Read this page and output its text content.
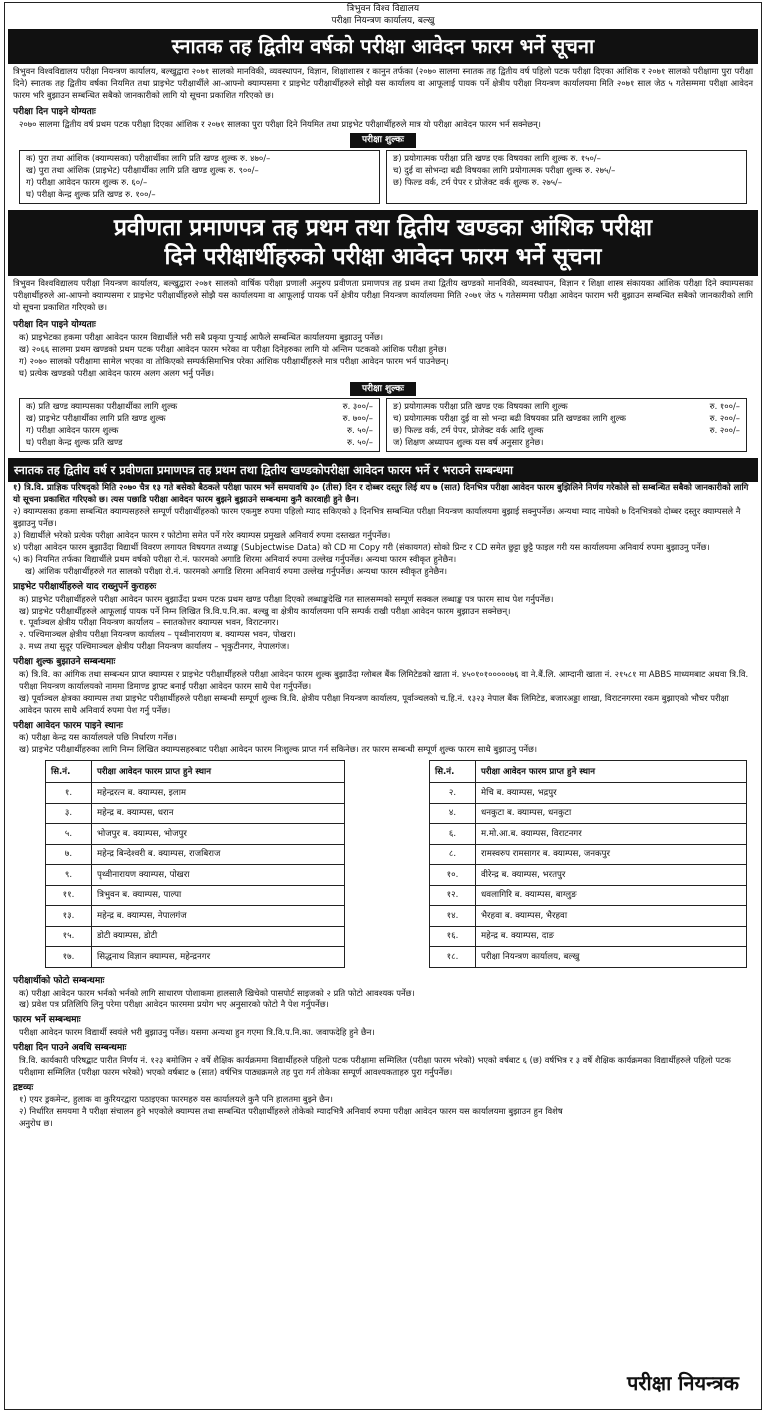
त्रिभुवन विश्व विद्यालय
परीक्षा नियन्त्रण कार्यालय, बल्खु
स्नातक तह द्वितीय वर्षको परीक्षा आवेदन फारम भर्ने सूचना
त्रिभुवन विश्वविद्यालय परीक्षा नियन्त्रण कार्यालय, बल्खुद्वारा २०७१ सालको मानविकी, व्यवस्थापन, विज्ञान, शिक्षाशास्त्र र कानुन तर्फका (२०७० सालमा स्नातक तह द्वितीय वर्ष पहिलो पटक परीक्षा दिएका आंशिक र २०७१ सालको परीक्षामा पुरा परीक्षा दिने) स्नातक तह द्वितीय वर्षका नियमित तथा प्राइभेट परीक्षार्थीले आ-आफ्नो क्याम्पसमा र प्राइभेट परीक्षार्थीहरुले सोझै यस कार्यालय वा आफूलाई पायक पर्ने क्षेत्रीय परीक्षा नियन्त्रण कार्यालयमा मिति २०७१ साल जेठ ५ गतेसम्ममा परीक्षा आवेदन फारम भरि बुझाउन सम्बन्धित सबैको जानकारीको लागि यो सूचना प्रकाशित गरिएको छ।
परीक्षा दिन पाइने योग्यताः
२०७० सालमा द्वितीय वर्ष प्रथम पटक परीक्षा दिएका आंशिक र २०७१ सालका पुरा परीक्षा दिने नियमित तथा प्राइभेट परीक्षार्थीहरुले मात्र यो परीक्षा आवेदन फारम भर्न सक्नेछन्।
परीक्षा शुल्कः
क) पुरा तथा आंशिक (क्याम्पसका) परीक्षार्थीका लागि प्रति खण्ड शुल्क रु. ४७०/–
ख) पुरा तथा आंशिक (प्राइभेट) परीक्षार्थीका लागि प्रति खण्ड शुल्क रु. ९००/–
ग) परीक्षा आवेदन फारम शुल्क रु. ६०/–
घ) परीक्षा केन्द्र शुल्क प्रति खण्ड रु. १००/–
ङ) प्रयोगात्मक परीक्षा प्रति खण्ड एक विषयका लागि शुल्क रु. १५०/–
च) दुई वा सोभन्दा बढी विषयका लागि प्रयोगात्मक परीक्षा शुल्क रु. २७५/–
छ) फिल्ड वर्क, टर्म पेपर र प्रोजेक्ट वर्क शुल्क रु. २७५/–
प्रवीणता प्रमाणपत्र तह प्रथम तथा द्वितीय खण्डका आंशिक परीक्षा
दिने परीक्षार्थीहरुको परीक्षा आवेदन फारम भर्ने सूचना
त्रिभुवन विश्वविद्यालय परीक्षा नियन्त्रण कार्यालय, बल्खुद्वारा २०७१ सालको वार्षिक परीक्षा प्रणाली अनुरुप प्रवीणता प्रमाणपत्र तह प्रथम तथा द्वितीय खण्डको मानविकी, व्यवस्थापन, विज्ञान र शिक्षा शास्त्र संकायका आंशिक परीक्षा दिने क्याम्पसका परीक्षार्थीहरुले आ-आफ्नो क्याम्पसमा र प्राइभेट परीक्षार्थीहरुले सोझै यस कार्यालयमा वा आफूलाई पायक पर्ने क्षेत्रीय परीक्षा नियन्त्रण कार्यालयमा मिति २०७१ जेठ ५ गतेसम्ममा परीक्षा आवेदन फाराम भरी बुझाउन सम्बन्धित सबैको जानकारीको लागि यो सूचना प्रकाशित गरिएको छ।
परीक्षा दिन पाइने योग्यताः
क) प्राइभेटका हकमा परीक्षा आवेदन फारम विद्यार्थीले भरी सबै प्रकृया पुर्‍याई आफैले सम्बन्धित कार्यालयमा बुझाउनु पर्नेछ।
ख) २०६६ सालमा प्रथम खण्डको प्रथम पटक परीक्षा आवेदन फारम भरेका वा परीक्षा दिनेहरुका लागि यो अन्तिम पटकको आंशिक परीक्षा हुनेछ।
ग) २०७० सालको परीक्षामा सामेल भएका वा तोकिएको सम्पर्कसिमाभित्र परेका आंशिक परीक्षार्थीहरुले मात्र परीक्षा आवेदन फारम भर्न पाउनेछन्।
घ) प्रत्येक खण्डको परीक्षा आवेदन फारम अलग अलग भर्नु पर्नेछ।
परीक्षा शुल्कः
क) प्रति खण्ड क्याम्पसका परीक्षार्थीका लागि शुल्क	रु. ३००/–
ख) प्राइभेट परीक्षार्थीका लागि प्रति खण्ड शुल्क	रु. ७००/–
ग) परीक्षा आवेदन फारम शुल्क	रु. ५०/–
घ) परीक्षा केन्द्र शुल्क प्रति खण्ड	रु. ५०/–
ङ) प्रयोगात्मक परीक्षा प्रति खण्ड एक विषयका लागि शुल्क	रु. १००/–
च) प्रयोगात्मक परीक्षा दुई वा सो भन्दा बढी विषयका प्रति खण्डका लागि शुल्क	रु. २००/–
छ) फिल्ड वर्क, टर्म पेपर, प्रोजेक्ट वर्क आदि शुल्क	रु. २००/–
ज) शिक्षण अध्यापन शुल्क यस वर्ष अनुसार हुनेछ।
स्नातक तह द्वितीय वर्ष र प्रवीणता प्रमाणपत्र तह प्रथम तथा द्वितीय खण्डकोपरीक्षा आवेदन फारम भर्ने र भराउने सम्बन्धमा
१) त्रि.वि. प्राज्ञिक परिषद्को मिति २०७० चैत्र १३ गते बसेको बैठकले परीक्षा फारम भर्ने समयावधि ३० (तीस) दिन र दोब्बर दस्तुर लिई थप ७ (सात) दिनभित्र परीक्षा आवेदन फारम बुझिलिने निर्णय गरेकोले सो सम्बन्धित सबैको जानकारीको लागि यो सूचना प्रकाशित गरिएको छ। त्यस पछाडि परीक्षा आवेदन फारम बुझने बुझाउने सम्बन्धमा कुनै कारवाही हुने छैन।
२) क्याम्पसका हकमा सम्बन्धित क्याम्पसहरुले सम्पूर्ण परीक्षार्थीहरुको फारम एकमुष्ट रुपमा पहिलो म्याद सकिएको ३ दिनभित्र सम्बन्धित परीक्षा नियन्त्रण कार्यालयमा बुझाई सक्नुपर्नेछ। अन्यथा म्याद नाघेको ७ दिनभित्रको दोब्बर दस्तुर क्याम्पसले नै बुझाउनु पर्नेछ।
३) विद्यार्थीले भरेको प्रत्येक परीक्षा आवेदन फारम र फोटोमा समेत पर्ने गरेर क्याम्पस प्रमुखले अनिवार्य रुपमा दस्तखत गर्नुपर्नेछ।
४) परीक्षा आवेदन फारम बुझाउँदा विद्यार्थी विवरण लगायत विषयगत तथ्याङ्क (Subjectwise Data) को CD मा Copy गरी (संकायगत) सोको प्रिन्ट र CD समेत छुट्टा छुट्टै फाइल गरी यस कार्यालयमा अनिवार्य रुपमा बुझाउनु पर्नेछ।
५) क) नियमित तर्फका विद्यार्थीले प्रथम वर्षको परीक्षा रो.नं. फारमको अगाडि शिरमा अनिवार्य रुपमा उल्लेख गर्नुपर्नेछ। अन्यथा फारम स्वीकृत हुनेछैन।
ख) आंशिक परीक्षार्थीहरुले गत सालको परीक्षा रो.नं. फारमको अगाडि शिरमा अनिवार्य रुपमा उल्लेख गर्नुपर्नेछ। अन्यथा फारम स्वीकृत हुनेछैन।
प्राइभेट परीक्षार्थीहरुले याद राख्नुपर्ने कुराहरुः
क) प्राइभेट परीक्षार्थीहरुले परीक्षा आवेदन फारम बुझाउँदा प्रथम पटक प्रथम खण्ड परीक्षा दिएको लब्धाङ्कदेखि गत सालसम्मको सम्पूर्ण सक्कल लब्धाङ्क पत्र फारम साथ पेश गर्नुपर्नेछ।
ख) प्राइभेट परीक्षार्थीहरुले आफूलाई पायक पर्ने निम्न लिखित त्रि.वि.प.नि.का. बल्खु वा क्षेत्रीय कार्यालयमा पनि सम्पर्क राखी परीक्षा आवेदन फारम बुझाउन सक्नेछन्।
१. पूर्वाञ्चल क्षेत्रीय परीक्षा नियन्त्रण कार्यालय – स्नातकोत्तर क्याम्पस भवन, विराटनगर।
२. पश्चिमाञ्चल क्षेत्रीय परीक्षा नियन्त्रण कार्यालय – पृथ्वीनारायण ब. क्याम्पस भवन, पोखरा।
३. मध्य तथा सुदूर पश्चिमाञ्चल क्षेत्रीय परीक्षा नियन्त्रण कार्यालय – भृकुटीनगर, नेपालगंज।
परीक्षा शुल्क बुझाउने सम्बन्धमाः
क) त्रि.वि. का आंगिक तथा सम्बन्धन प्राप्त क्याम्पस र प्राइभेट परीक्षार्थीहरुले परीक्षा आवेदन फारम शुल्क बुझाउँदा ग्लोबल बैंक लिमिटेडको खाता नं. ४५०१०१०००००७६ वा ने.बैं.लि. आम्दानी खाता नं. २१५८१ मा ABBS माध्यमबाट अथवा त्रि.वि. परीक्षा नियन्त्रण कार्यालयको नाममा डिमाण्ड ड्राफ्ट बनाई परीक्षा आवेदन फारम साथै पेश गर्नुपर्नेछ।
ख) पूर्वाञ्चल क्षेत्रका क्याम्पस तथा प्राइभेट परीक्षार्थीहरुले परीक्षा सम्बन्धी सम्पूर्ण शुल्क त्रि.वि. क्षेत्रीय परीक्षा नियन्त्रण कार्यालय, पूर्वाञ्चलको च.हि.नं. १३२३ नेपाल बैंक लिमिटेड, बजारअड्डा शाखा, विराटनगरमा रकम बुझाएको भौचर परीक्षा आवेदन फारम साथै अनिवार्य रुपमा पेश गर्नु पर्नेछ।
परीक्षा आवेदन फारम पाइने स्थानः
क) परीक्षा केन्द्र यस कार्यालयले पछि निर्धारण गर्नेछ।
ख) प्राइभेट परीक्षार्थीहरुका लागि निम्न लिखित क्याम्पसहरुबाट परीक्षा आवेदन फारम निःशुल्क प्राप्त गर्न सकिनेछ। तर फारम सम्बन्धी सम्पूर्ण शुल्क फारम साथै बुझाउनु पर्नेछ।
सि.नं.	परीक्षा आवेदन फारम प्राप्त हुने स्थान
१.	महेन्द्ररत्न ब. क्याम्पस, इलाम
३.	महेन्द्र ब. क्याम्पस, धरान
५.	भोजपुर ब. क्याम्पस, भोजपुर
७.	महेन्द्र बिन्देश्वरी ब. क्याम्पस, राजबिराज
९.	पृथ्वीनारायण क्याम्पस, पोखरा
११.	त्रिभुवन ब. क्याम्पस, पाल्पा
१३.	महेन्द्र ब. क्याम्पस, नेपालगंज
१५.	डोटी क्याम्पस, डोटी
१७.	सिद्धनाथ विज्ञान क्याम्पस, महेन्द्रनगर
सि.नं.	परीक्षा आवेदन फारम प्राप्त हुने स्थान
२.	मेचि ब. क्याम्पस, भद्रपुर
४.	धनकुटा ब. क्याम्पस, धनकुटा
६.	म.मो.आ.ब. क्याम्पस, विराटनगर
८.	रामस्वरुप रामसागर ब. क्याम्पस, जनकपुर
१०.	वीरेन्द्र ब. क्याम्पस, भरतपुर
१२.	धवलागिरि ब. क्याम्पस, बाग्लुङ
१४.	भैरहवा ब. क्याम्पस, भैरहवा
१६.	महेन्द्र ब. क्याम्पस, दाङ
१८.	परीक्षा नियन्त्रण कार्यालय, बल्खु
परीक्षार्थीको फोटो सम्बन्धमाः
क) परीक्षा आवेदन फारम भर्नको भर्नको लागि साधारण पोशाकमा हालसालै खिचेको पासपोर्ट साइजको २ प्रति फोटो आवश्यक पर्नेछ।
ख) प्रवेश पत्र प्रतिलिपि लिनु परेमा परीक्षा आवेदन फारममा प्रयोग भए अनुसारको फोटो नै पेश गर्नुपर्नेछ।
फारम भर्ने सम्बन्धमाः
परीक्षा आवेदन फारम विद्यार्थी स्वयंले भरी बुझाउनु पर्नेछ। यसमा अन्यथा हुन गएमा त्रि.वि.प.नि.का. जवाफदेहि हुने छैन।
परीक्षा दिन पाउने अवधि सम्बन्धमाः
त्रि.वि. कार्यकारी परिषद्बाट पारीत निर्णय नं. १२३ बमोजिम २ वर्षे शैक्षिक कार्यक्रममा विद्यार्थीहरुले पहिलो पटक परीक्षामा सम्मिलित (परीक्षा फारम भरेको) भएको वर्षबाट ६ (छ) वर्षभित्र र ३ वर्षे शैक्षिक कार्यक्रमका विद्यार्थीहरुले पहिलो पटक परीक्षामा सम्मिलित (परीक्षा फारम भरेको) भएको वर्षबाट ७ (सात) वर्षभित्र पाठ्यक्रमले तह पुरा गर्न तोकेका सम्पूर्ण आवश्यकताहरु पुरा गर्नुपर्नेछ।
द्रष्टव्यः
१) एयर ड्रकमेन्ट, हुलाक वा कुरियरद्वारा पठाइएका फारमहरु यस कार्यालयले कुनै पनि हालतमा बुझ्ने छैन।
२) निर्धारित समयमा नै परीक्षा संचालन हुने भएकोले क्याम्पस तथा सम्बन्धित परीक्षार्थीहरुले तोकेको म्यादभित्रै अनिवार्य रुपमा परीक्षा आवेदन फारम यस कार्यालयमा बुझाउन हुन विशेष अनुरोध छ।
परीक्षा नियन्त्रक
